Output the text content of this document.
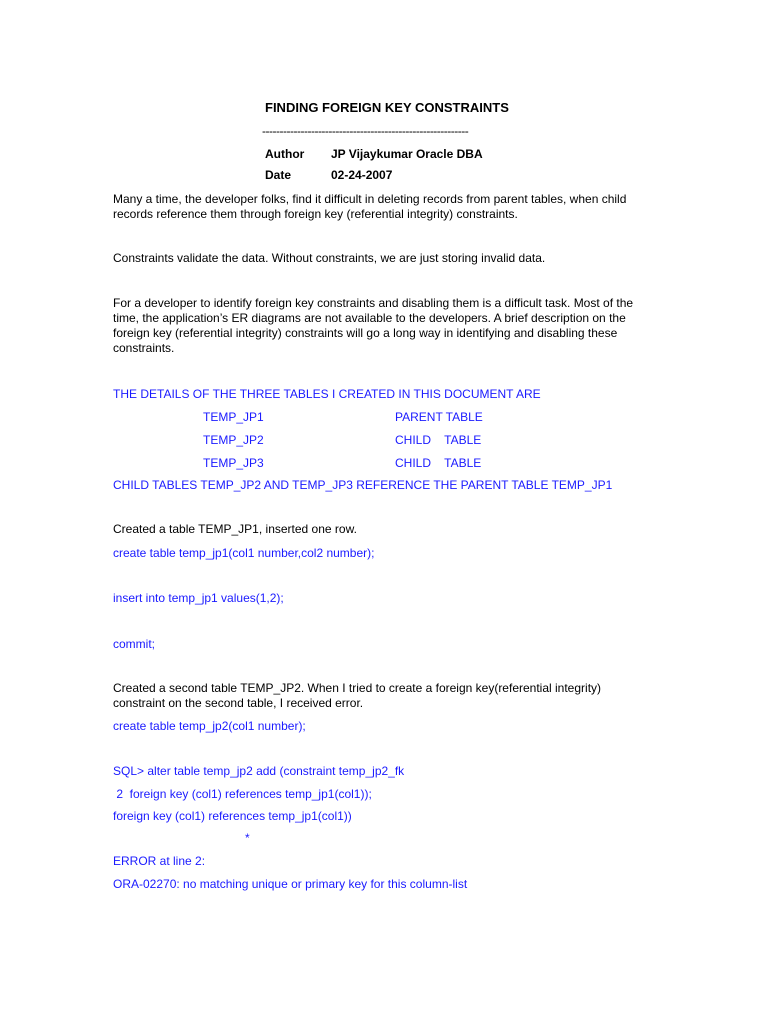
FINDING FOREIGN KEY CONSTRAINTS
-----------------------------------------------------------
Author JP Vijaykumar Oracle DBA
Date	02-24-2007
Many a time, the developer folks, find it difficult in deleting records from parent tables, when child records reference them through foreign key (referential integrity) constraints.
Constraints validate the data. Without constraints, we are just storing invalid data.
For a developer to identify foreign key constraints and disabling them is a difficult task. Most of the time, the application’s ER diagrams are not available to the developers. A brief description on the foreign key (referential integrity) constraints will go a long way in identifying and disabling these constraints.
THE DETAILS OF THE THREE TABLES I CREATED IN THIS DOCUMENT ARE
TEMP_JP1	PARENT TABLE
TEMP_JP2	CHILD    TABLE
TEMP_JP3	CHILD    TABLE
CHILD TABLES TEMP_JP2 AND TEMP_JP3 REFERENCE THE PARENT TABLE TEMP_JP1
Created a table TEMP_JP1, inserted one row.
create table temp_jp1(col1 number,col2 number);
insert into temp_jp1 values(1,2);
commit;
Created a second table TEMP_JP2. When I tried to create a foreign key(referential integrity) constraint on the second table, I received error.
create table temp_jp2(col1 number);
SQL> alter table temp_jp2 add (constraint temp_jp2_fk
2  foreign key (col1) references temp_jp1(col1));
foreign key (col1) references temp_jp1(col1))
*
ERROR at line 2:
ORA-02270: no matching unique or primary key for this column-list
